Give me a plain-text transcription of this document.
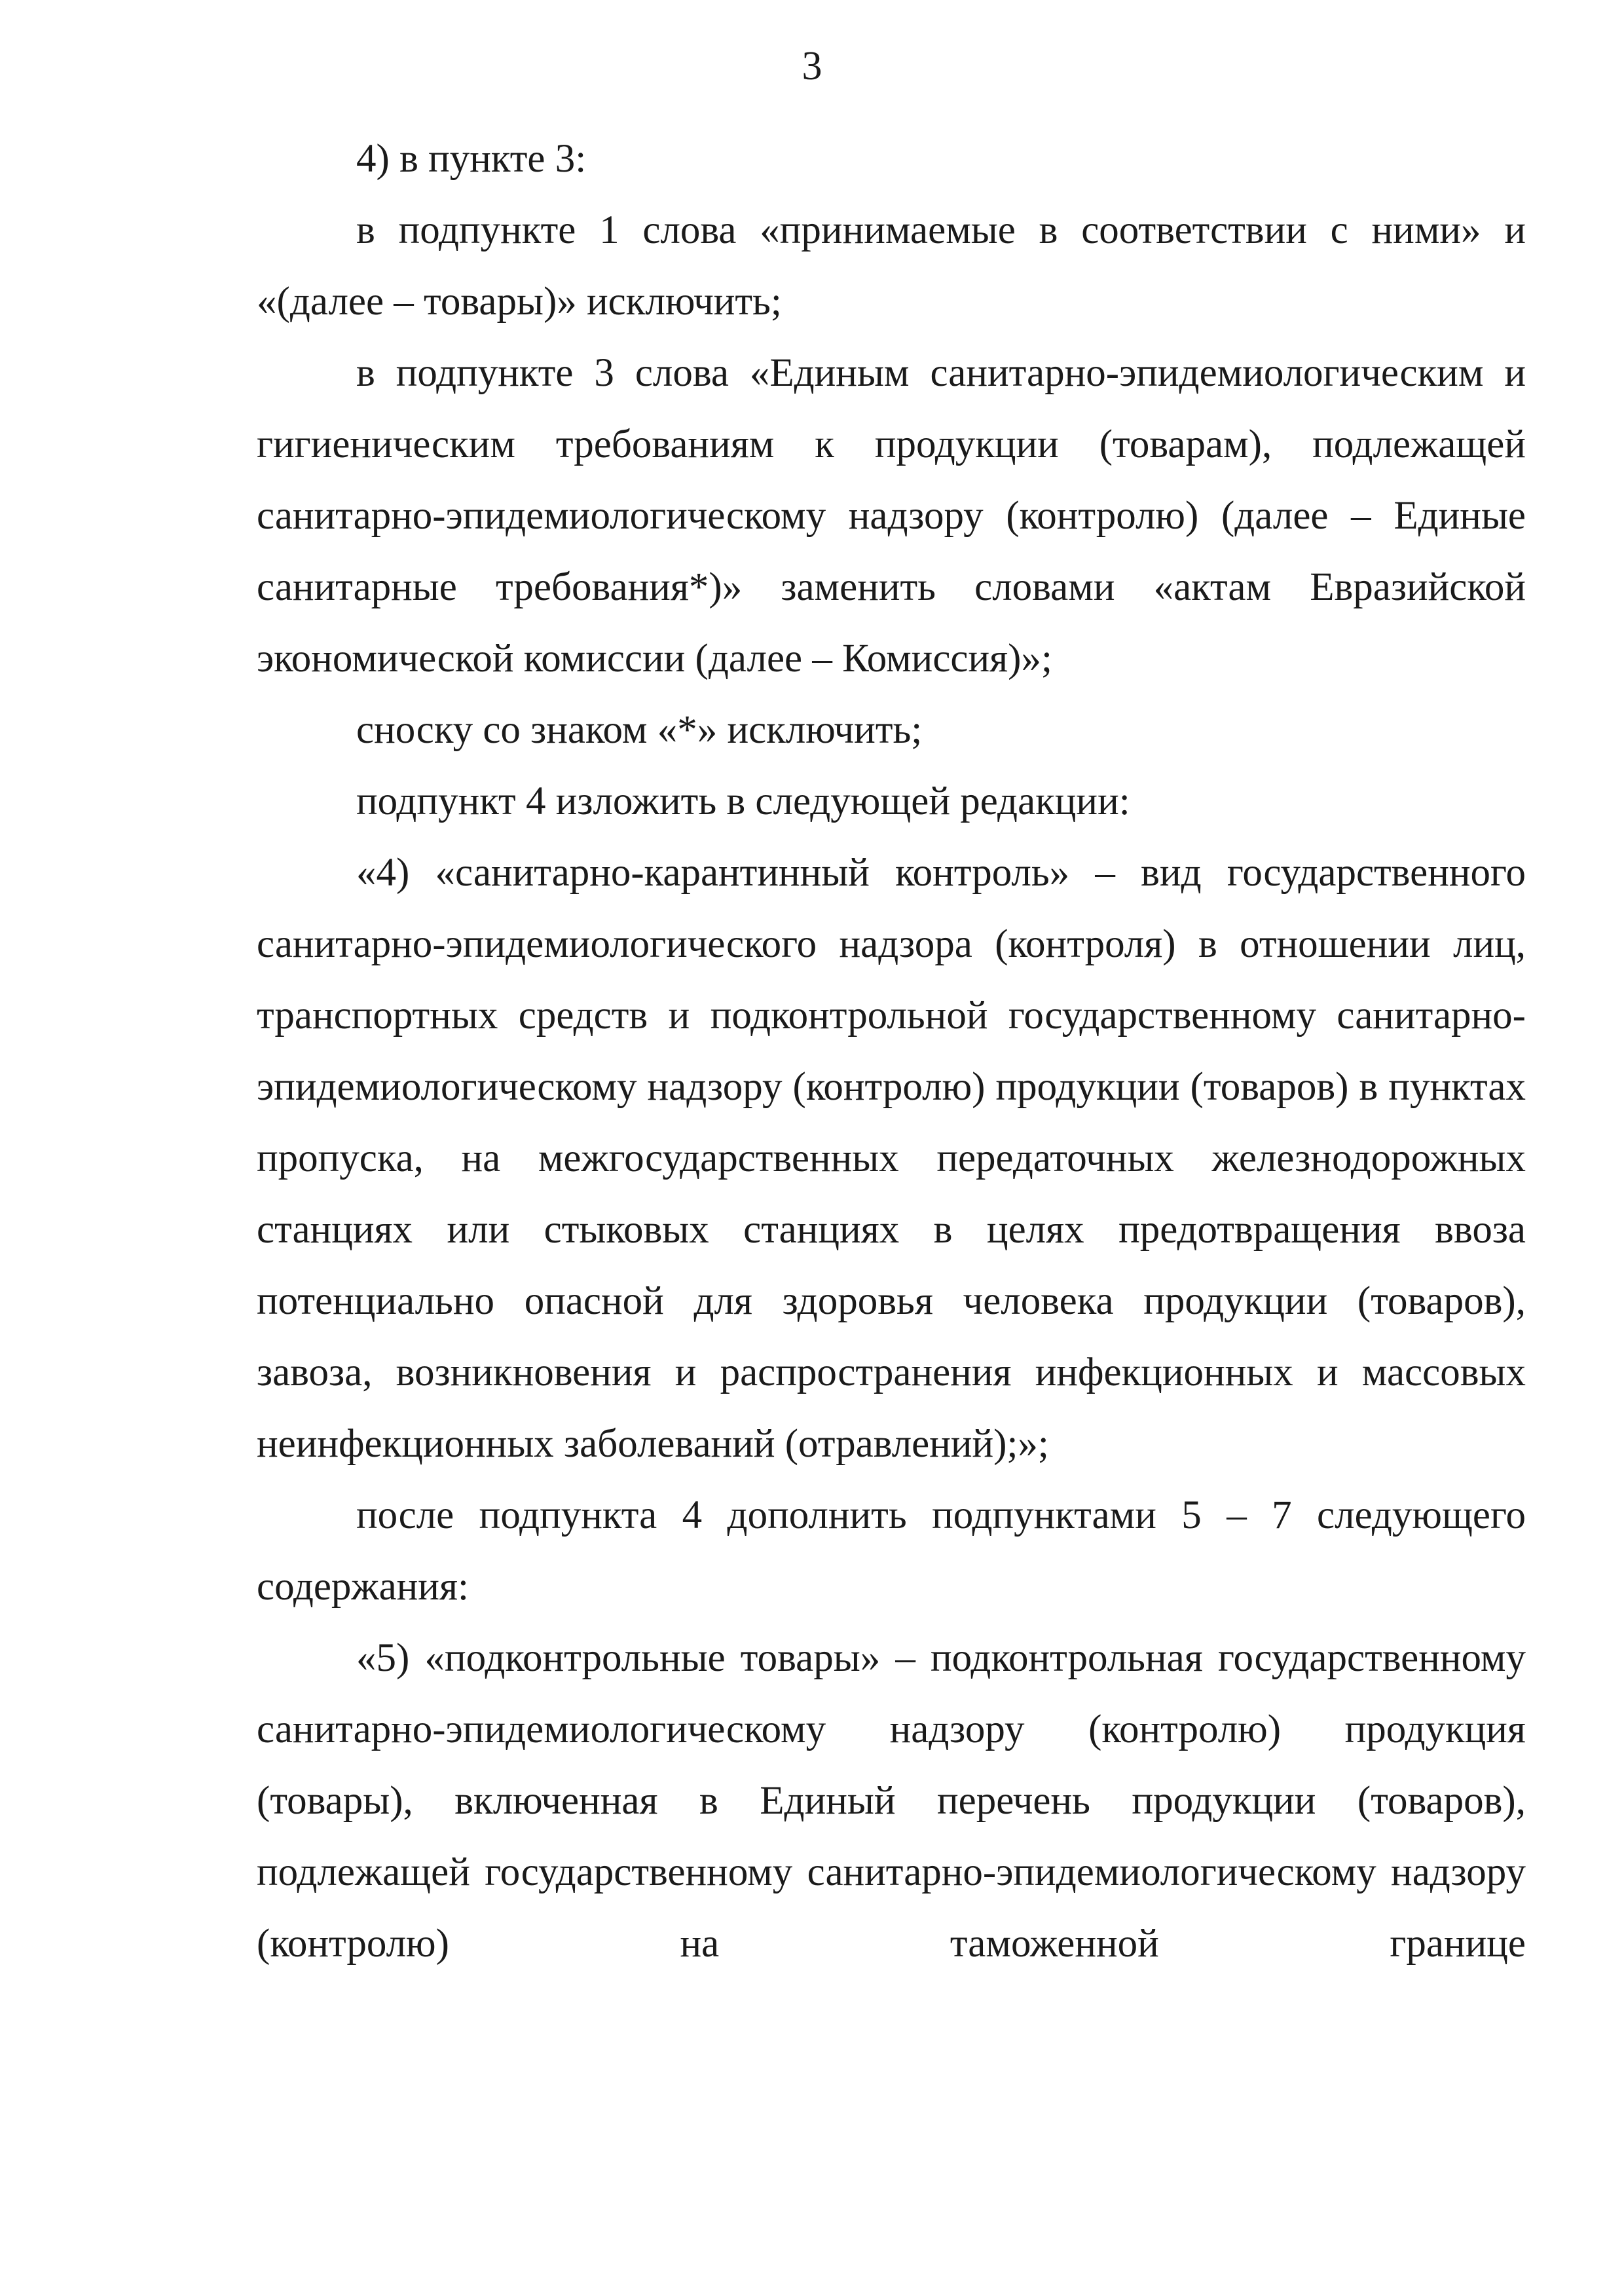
3

4) в пункте 3:

в подпункте 1 слова «принимаемые в соответствии с ними» и «(далее – товары)» исключить;

в подпункте 3 слова «Единым санитарно-эпидемиологическим и гигиеническим требованиям к продукции (товарам), подлежащей санитарно-эпидемиологическому надзору (контролю) (далее – Единые санитарные требования*)» заменить словами «актам Евразийской экономической комиссии (далее – Комиссия)»;

сноску со знаком «*» исключить;

подпункт 4 изложить в следующей редакции:

«4) «санитарно-карантинный контроль» – вид государственного санитарно-эпидемиологического надзора (контроля) в отношении лиц, транспортных средств и подконтрольной государственному санитарно-эпидемиологическому надзору (контролю) продукции (товаров) в пунктах пропуска, на межгосударственных передаточных железнодорожных станциях или стыковых станциях в целях предотвращения ввоза потенциально опасной для здоровья человека продукции (товаров), завоза, возникновения и распространения инфекционных и массовых неинфекционных заболеваний (отравлений);»;

после подпункта 4 дополнить подпунктами 5 – 7 следующего содержания:

«5) «подконтрольные товары» – подконтрольная государственному санитарно-эпидемиологическому надзору (контролю) продукция (товары), включенная в Единый перечень продукции (товаров), подлежащей государственному санитарно-эпидемиологическому надзору (контролю) на таможенной границе
